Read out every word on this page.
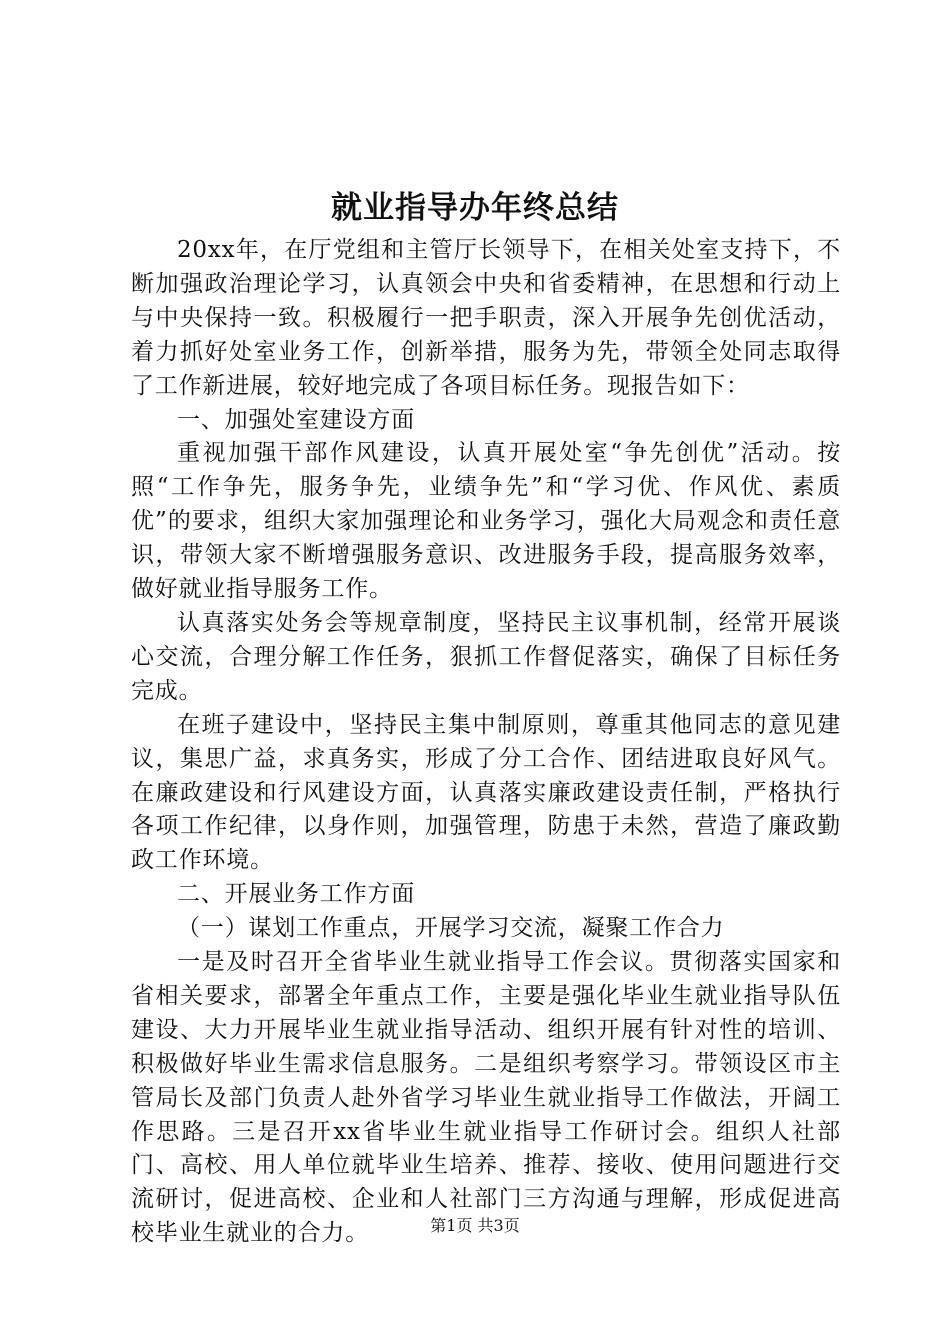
就业指导办年终总结

20xx年，在厅党组和主管厅长领导下，在相关处室支持下，不断加强政治理论学习，认真领会中央和省委精神，在思想和行动上与中央保持一致。积极履行一把手职责，深入开展争先创优活动，着力抓好处室业务工作，创新举措，服务为先，带领全处同志取得了工作新进展，较好地完成了各项目标任务。现报告如下：

一、加强处室建设方面

重视加强干部作风建设，认真开展处室“争先创优”活动。按照“工作争先，服务争先，业绩争先”和“学习优、作风优、素质优”的要求，组织大家加强理论和业务学习，强化大局观念和责任意识，带领大家不断增强服务意识、改进服务手段，提高服务效率，做好就业指导服务工作。

认真落实处务会等规章制度，坚持民主议事机制，经常开展谈心交流，合理分解工作任务，狠抓工作督促落实，确保了目标任务完成。

在班子建设中，坚持民主集中制原则，尊重其他同志的意见建议，集思广益，求真务实，形成了分工合作、团结进取良好风气。在廉政建设和行风建设方面，认真落实廉政建设责任制，严格执行各项工作纪律，以身作则，加强管理，防患于未然，营造了廉政勤政工作环境。

二、开展业务工作方面

（一）谋划工作重点，开展学习交流，凝聚工作合力

一是及时召开全省毕业生就业指导工作会议。贯彻落实国家和省相关要求，部署全年重点工作，主要是强化毕业生就业指导队伍建设、大力开展毕业生就业指导活动、组织开展有针对性的培训、积极做好毕业生需求信息服务。二是组织考察学习。带领设区市主管局长及部门负责人赴外省学习毕业生就业指导工作做法，开阔工作思路。三是召开xx省毕业生就业指导工作研讨会。组织人社部门、高校、用人单位就毕业生培养、推荐、接收、使用问题进行交流研讨，促进高校、企业和人社部门三方沟通与理解，形成促进高校毕业生就业的合力。	第1页 共3页
